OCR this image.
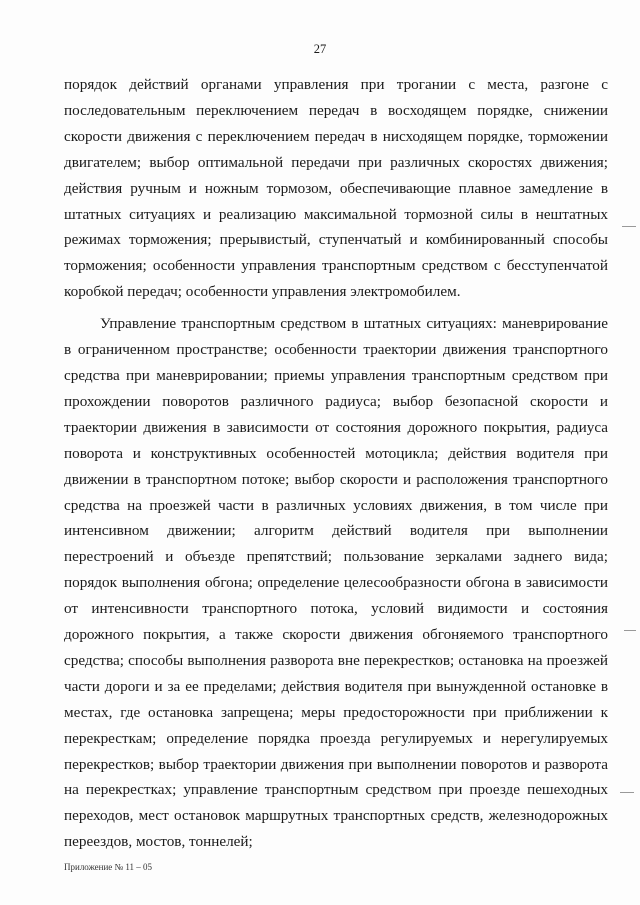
27

порядок действий органами управления при трогании с места, разгоне с последовательным переключением передач в восходящем порядке, снижении скорости движения с переключением передач в нисходящем порядке, торможении двигателем; выбор оптимальной передачи при различных скоростях движения; действия ручным и ножным тормозом, обеспечивающие плавное замедление в штатных ситуациях и реализацию максимальной тормозной силы в нештатных режимах торможения; прерывистый, ступенчатый и комбинированный способы торможения; особенности управления транспортным средством с бесступенчатой коробкой передач; особенности управления электромобилем.

Управление транспортным средством в штатных ситуациях: маневрирование в ограниченном пространстве; особенности траектории движения транспортного средства при маневрировании; приемы управления транспортным средством при прохождении поворотов различного радиуса; выбор безопасной скорости и траектории движения в зависимости от состояния дорожного покрытия, радиуса поворота и конструктивных особенностей мотоцикла; действия водителя при движении в транспортном потоке; выбор скорости и расположения транспортного средства на проезжей части в различных условиях движения, в том числе при интенсивном движении; алгоритм действий водителя при выполнении перестроений и объезде препятствий; пользование зеркалами заднего вида; порядок выполнения обгона; определение целесообразности обгона в зависимости от интенсивности транспортного потока, условий видимости и состояния дорожного покрытия, а также скорости движения обгоняемого транспортного средства; способы выполнения разворота вне перекрестков; остановка на проезжей части дороги и за ее пределами; действия водителя при вынужденной остановке в местах, где остановка запрещена; меры предосторожности при приближении к перекресткам; определение порядка проезда регулируемых и нерегулируемых перекрестков; выбор траектории движения при выполнении поворотов и разворота на перекрестках; управление транспортным средством при проезде пешеходных переходов, мест остановок маршрутных транспортных средств, железнодорожных переездов, мостов, тоннелей;

Приложение № 11 – 05
